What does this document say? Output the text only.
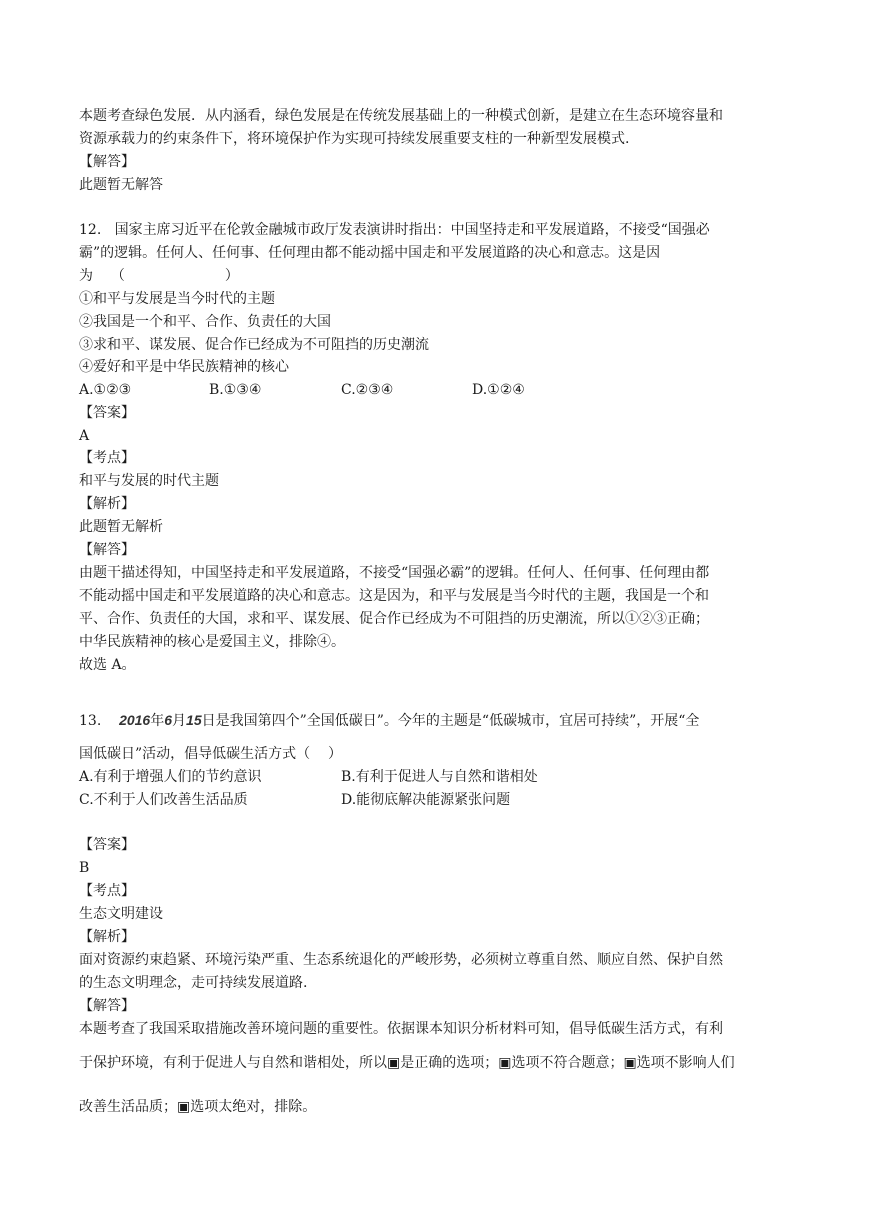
本题考查绿色发展．从内涵看，绿色发展是在传统发展基础上的一种模式创新，是建立在生态环境容量和
资源承载力的约束条件下，将环境保护作为实现可持续发展重要支柱的一种新型发展模式.
【解答】
此题暂无解答
12. 国家主席习近平在伦敦金融城市政厅发表演讲时指出：中国坚持走和平发展道路，不接受“国强必
霸”的逻辑。任何人、任何事、任何理由都不能动摇中国走和平发展道路的决心和意志。这是因
为 （	）
①和平与发展是当今时代的主题
②我国是一个和平、合作、负责任的大国
③求和平、谋发展、促合作已经成为不可阻挡的历史潮流
④爱好和平是中华民族精神的核心
A.①②③	B.①③④	C.②③④	D.①②④
【答案】
A
【考点】
和平与发展的时代主题
【解析】
此题暂无解析
【解答】
由题干描述得知，中国坚持走和平发展道路，不接受“国强必霸”的逻辑。任何人、任何事、任何理由都
不能动摇中国走和平发展道路的决心和意志。这是因为，和平与发展是当今时代的主题，我国是一个和
平、合作、负责任的大国，求和平、谋发展、促合作已经成为不可阻挡的历史潮流，所以①②③正确；
中华民族精神的核心是爱国主义，排除④。
故选 A。
13. 2016年6月15日是我国第四个”全国低碳日”。今年的主题是“低碳城市，宜居可持续”，开展“全
国低碳日”活动，倡导低碳生活方式（    ）
A.有利于增强人们的节约意识	B.有利于促进人与自然和谐相处
C.不利于人们改善生活品质	D.能彻底解决能源紧张问题
【答案】
B
【考点】
生态文明建设
【解析】
面对资源约束趋紧、环境污染严重、生态系统退化的严峻形势，必须树立尊重自然、顺应自然、保护自然
的生态文明理念，走可持续发展道路.
【解答】
本题考查了我国采取措施改善环境问题的重要性。依据课本知识分析材料可知，倡导低碳生活方式，有利
于保护环境，有利于促进人与自然和谐相处，所以▣是正确的选项；▣选项不符合题意；▣选项不影响人们
改善生活品质；▣选项太绝对，排除。
